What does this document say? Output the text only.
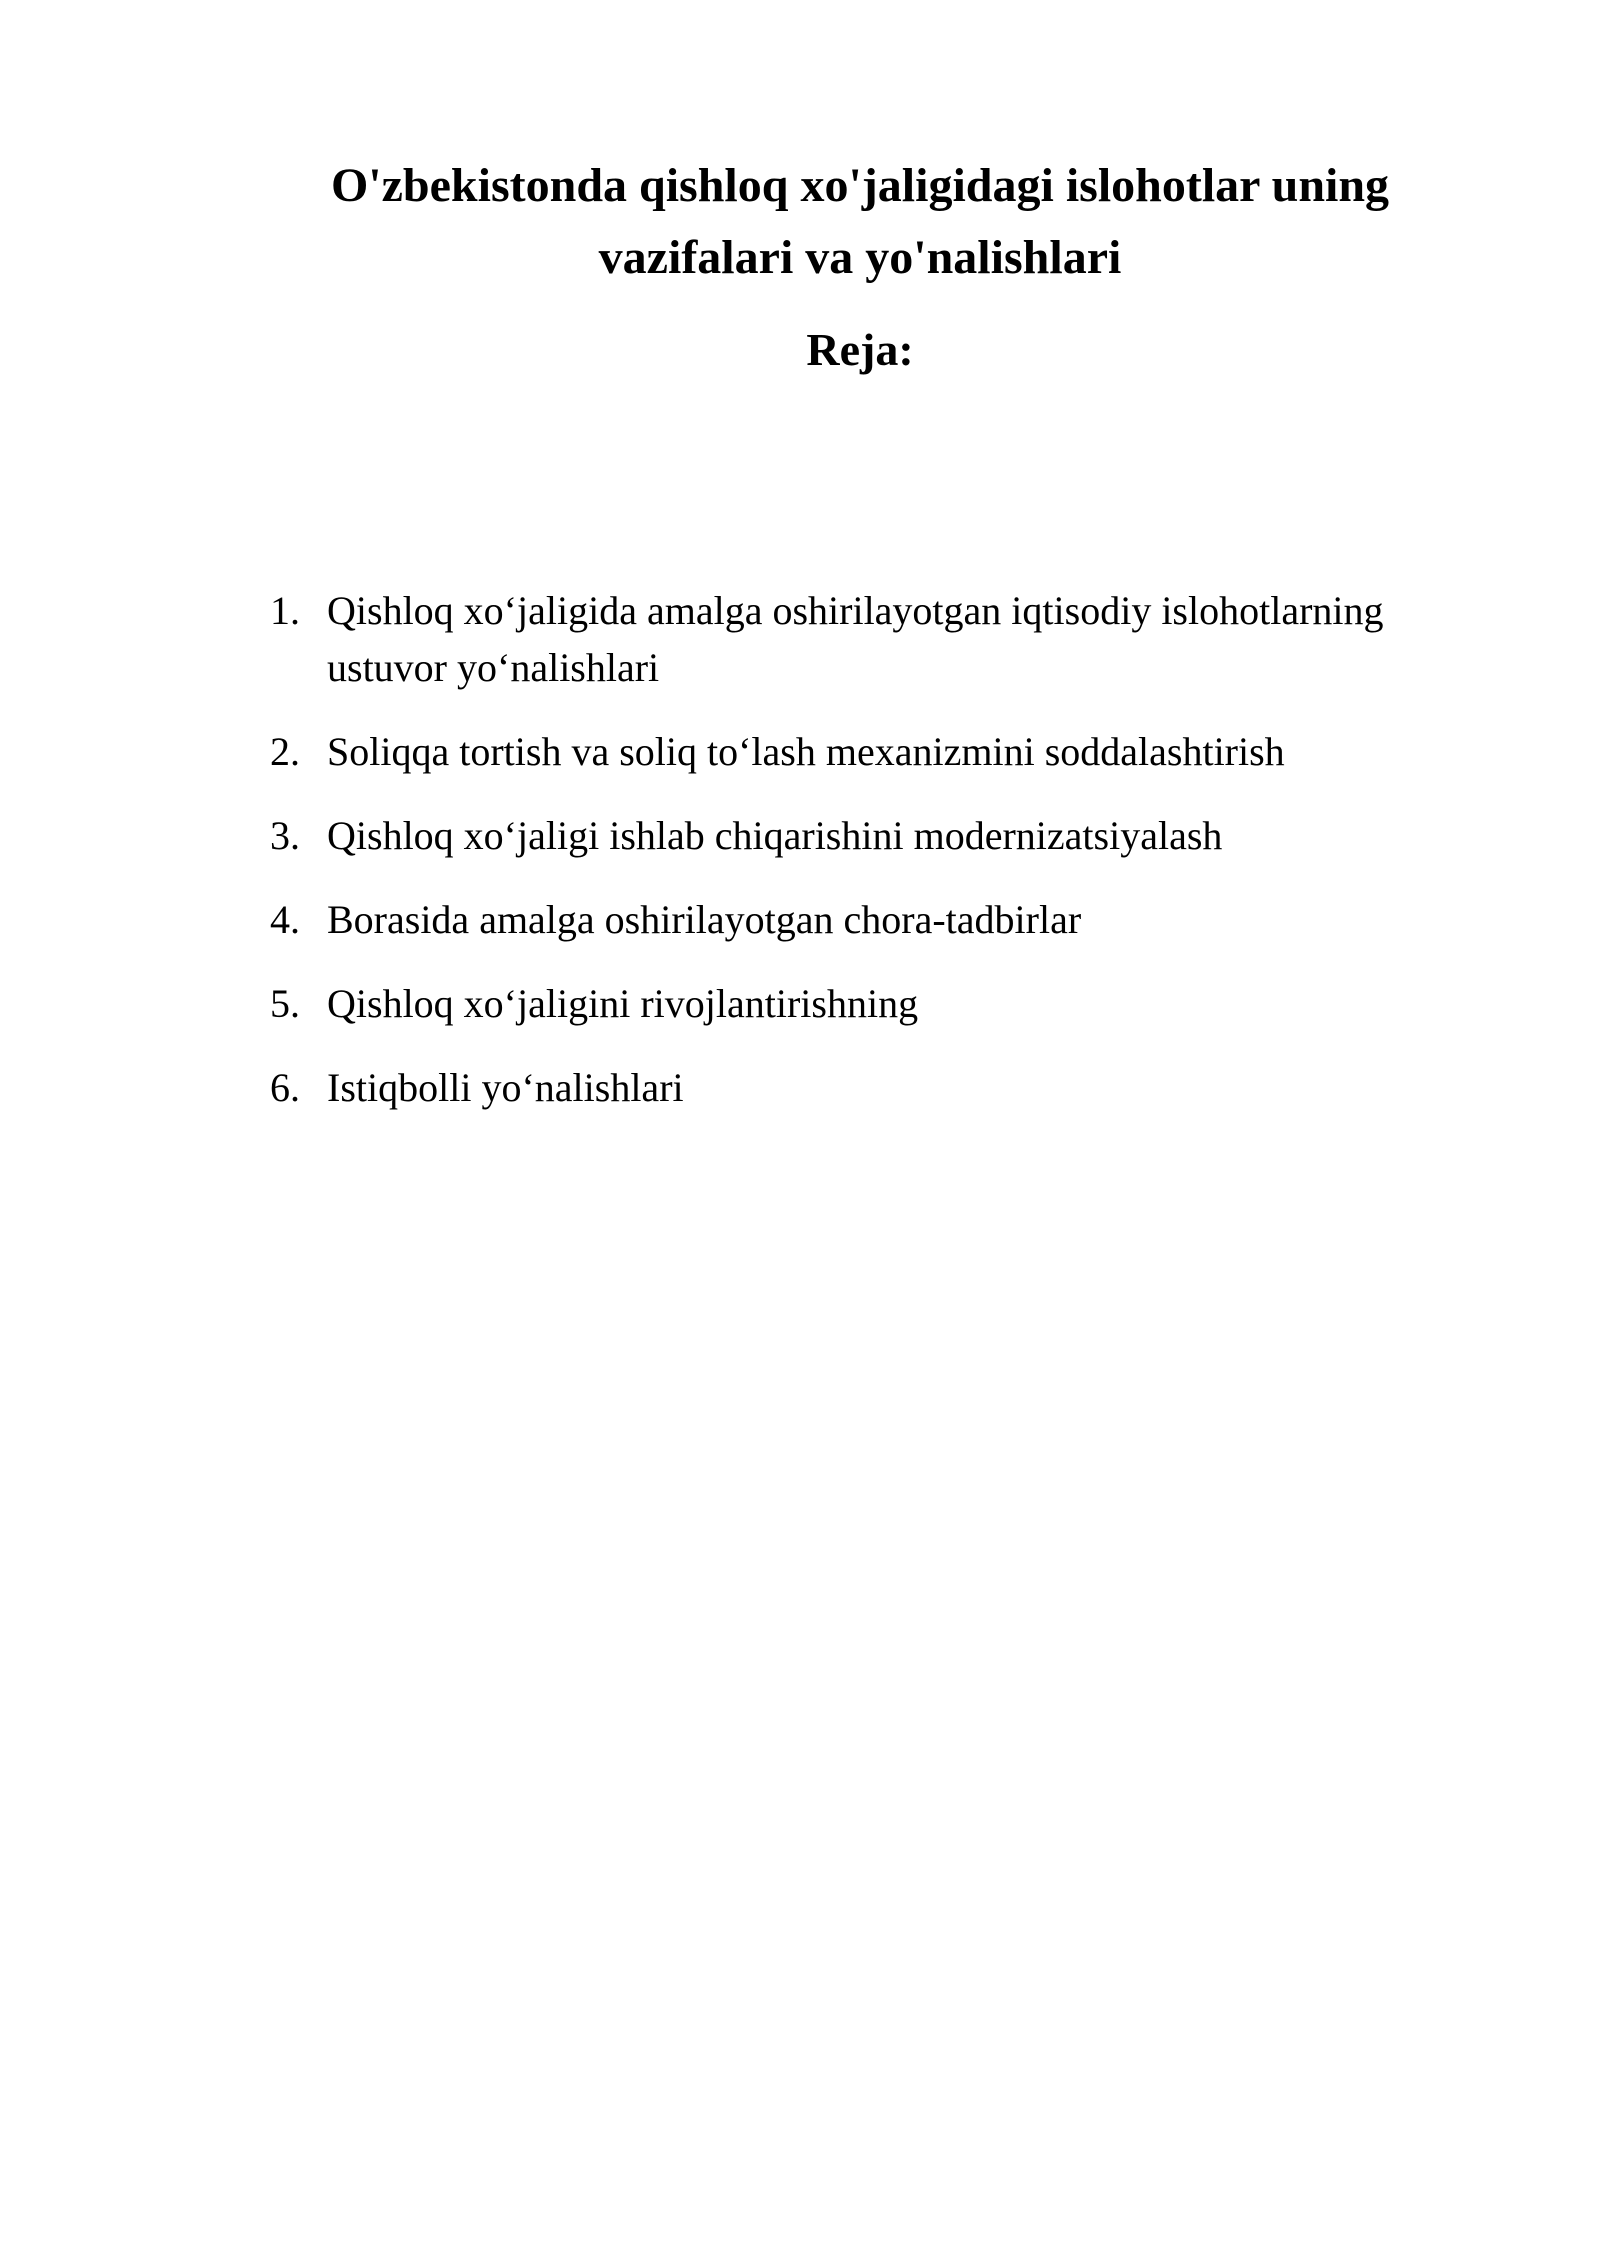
O'zbekistonda qishloq xo'jaligidagi islohotlar uning
vazifalari va yo'nalishlari
Reja:
1. Qishloq xo‘jaligida amalga oshirilayotgan iqtisodiy islohotlarning ustuvor yo‘nalishlari
2. Soliqqa tortish va soliq to‘lash mexanizmini soddalashtirish
3. Qishloq xo‘jaligi ishlab chiqarishini modernizatsiyalash
4. Borasida amalga oshirilayotgan chora-tadbirlar
5. Qishloq xo‘jaligini rivojlantirishning
6. Istiqbolli yo‘nalishlari
